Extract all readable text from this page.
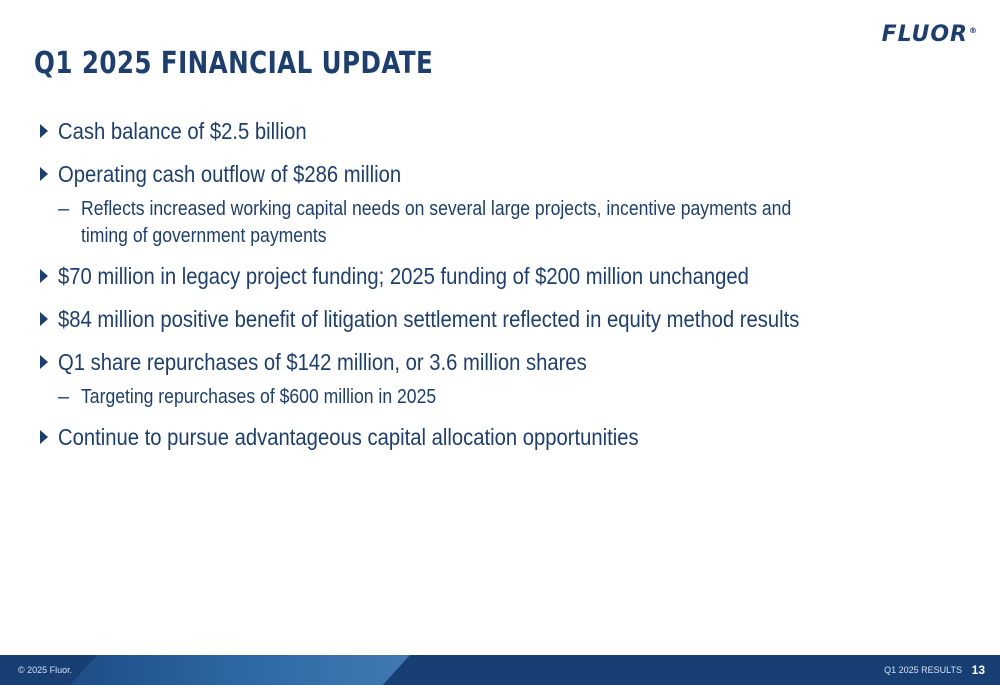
FLUOR®
Q1 2025 FINANCIAL UPDATE
Cash balance of $2.5 billion
Operating cash outflow of $286 million
– Reflects increased working capital needs on several large projects, incentive payments and
timing of government payments
$70 million in legacy project funding; 2025 funding of $200 million unchanged
$84 million positive benefit of litigation settlement reflected in equity method results
Q1 share repurchases of $142 million, or 3.6 million shares
– Targeting repurchases of $600 million in 2025
Continue to pursue advantageous capital allocation opportunities
© 2025 Fluor.	Q1 2025 RESULTS 13
